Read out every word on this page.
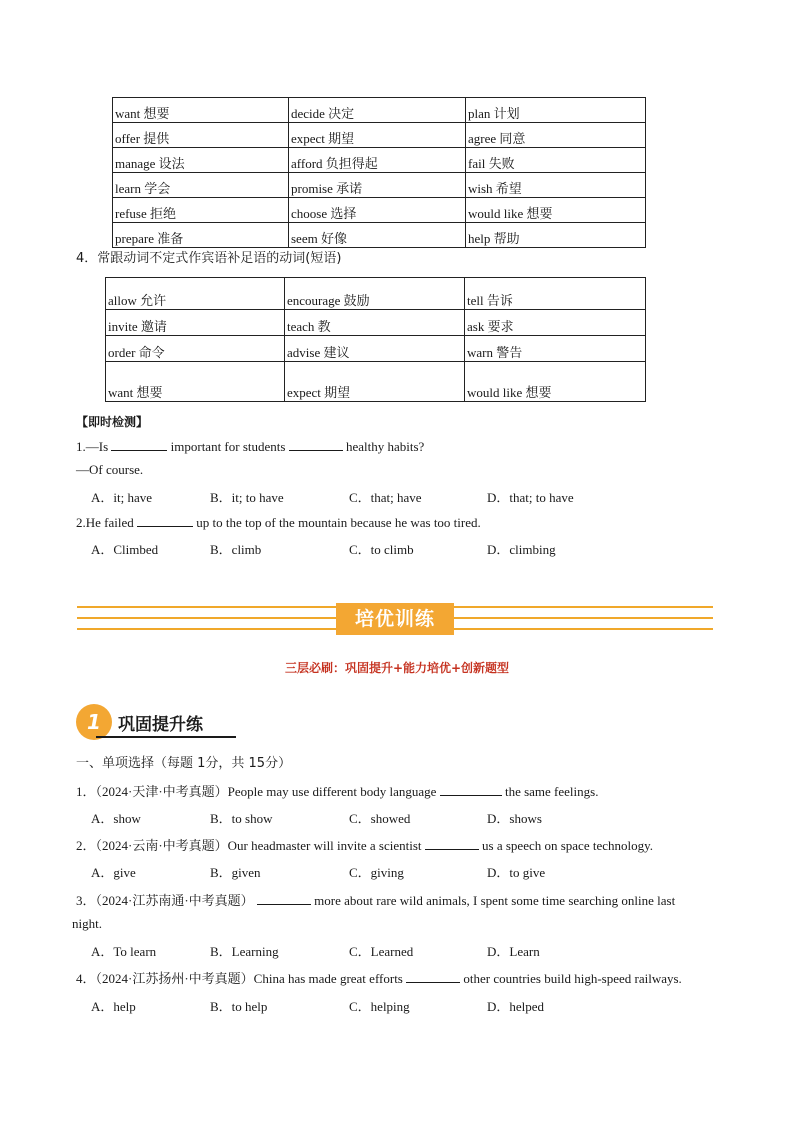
want 想要	decide 决定	plan 计划
offer 提供	expect 期望	agree 同意
manage 设法	afford 负担得起	fail 失败
learn 学会	promise 承诺	wish 希望
refuse 拒绝	choose 选择	would like 想要
prepare 准备	seem 好像	help 帮助
4．常跟动词不定式作宾语补足语的动词(短语)
allow 允许	encourage 鼓励	tell 告诉
invite 邀请	teach 教	ask 要求
order 命令	advise 建议	warn 警告
want 想要	expect 期望	would like 想要
【即时检测】
1.—Is	important for students	healthy habits?
—Of course.
A．it; have	B．it; to have	C．that; have	D．that; to have
2.He failed	up to the top of the mountain because he was too tired.
A．Climbed	B．climb	C．to climb	D．climbing
培优训练
三层必刷：巩固提升+能力培优+创新题型
1	巩固提升练
一、单项选择（每题 1分，共 15分）
1．（2024·天津·中考真题）People may use different body language	the same feelings.
A．show	B．to show	C．showed	D．shows
2．（2024·云南·中考真题）Our headmaster will invite a scientist	us a speech on space technology.
A．give	B．given	C．giving	D．to give
3．（2024·江苏南通·中考真题）	more about rare wild animals, I spent some time searching online last
night.
A．To learn	B．Learning	C．Learned	D．Learn
4．（2024·江苏扬州·中考真题）China has made great efforts	other countries build high-speed railways.
A．help	B．to help	C．helping	D．helped
